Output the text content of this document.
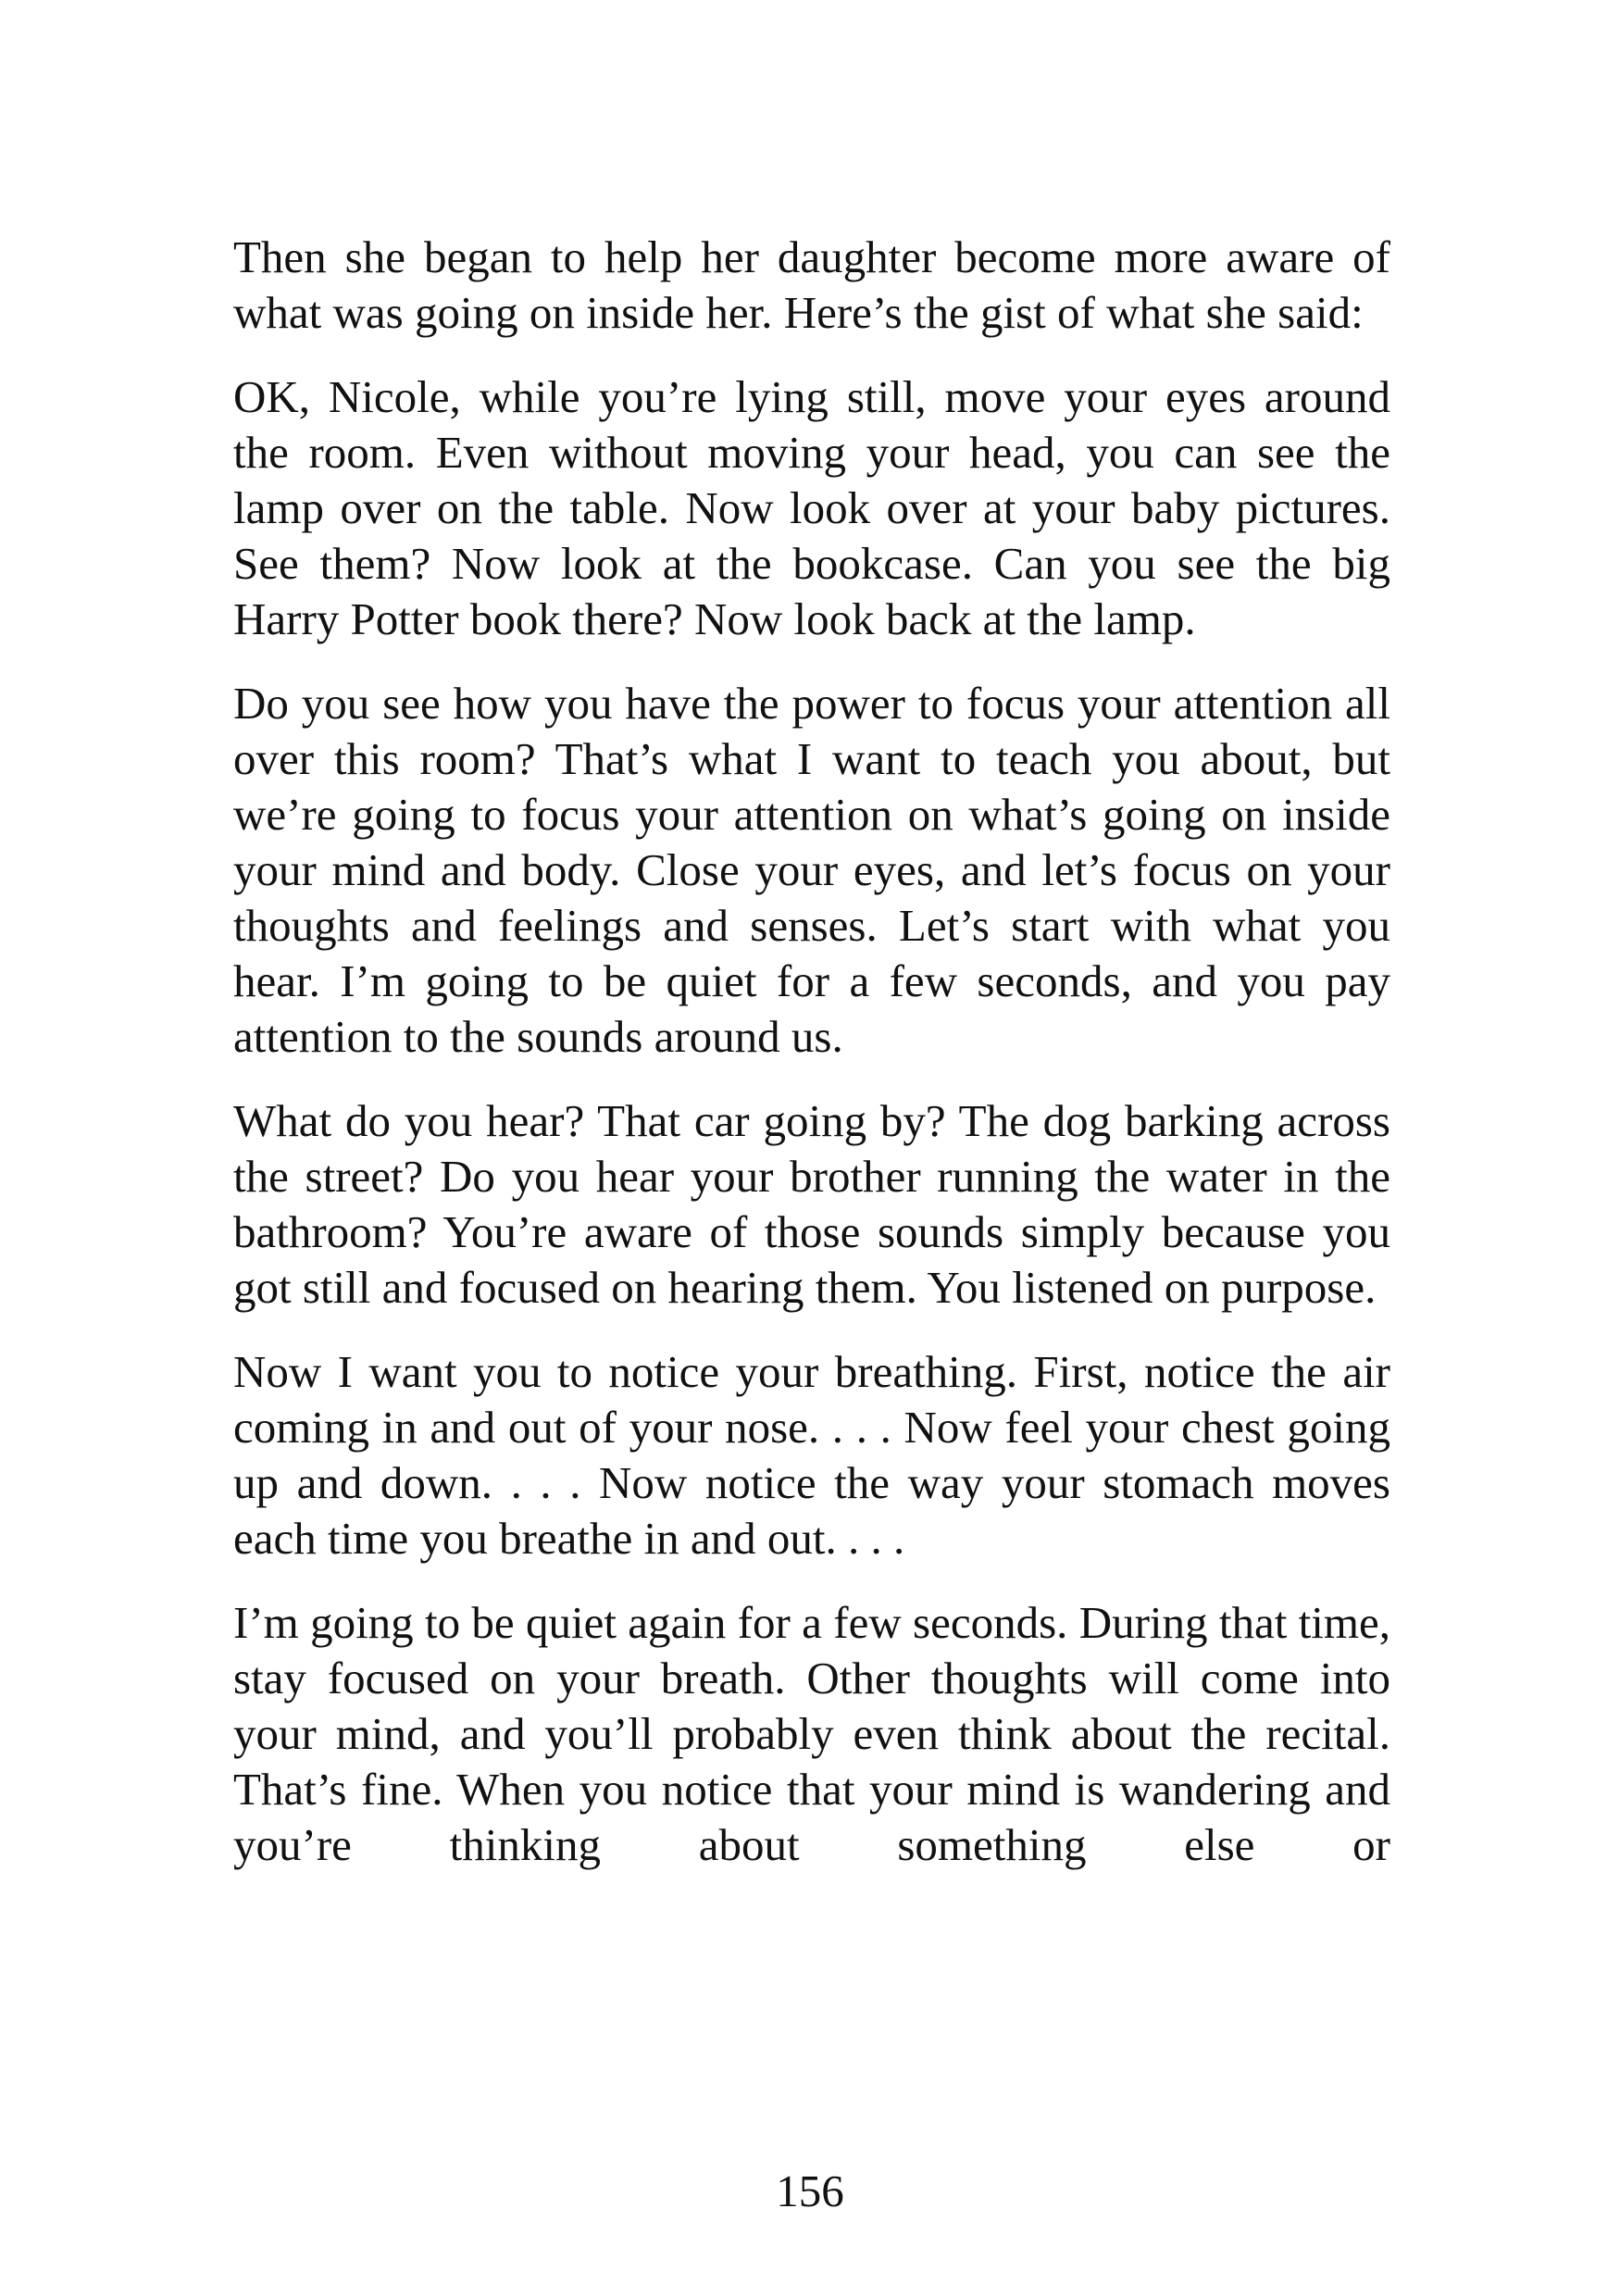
Then she began to help her daughter become more aware of what was going on inside her. Here’s the gist of what she said:

OK, Nicole, while you’re lying still, move your eyes around the room. Even without moving your head, you can see the lamp over on the table. Now look over at your baby pictures. See them? Now look at the bookcase. Can you see the big Harry Potter book there? Now look back at the lamp.

Do you see how you have the power to focus your attention all over this room? That’s what I want to teach you about, but we’re going to focus your attention on what’s going on inside your mind and body. Close your eyes, and let’s focus on your thoughts and feelings and senses. Let’s start with what you hear. I’m going to be quiet for a few seconds, and you pay attention to the sounds around us.

What do you hear? That car going by? The dog barking across the street? Do you hear your brother running the water in the bathroom? You’re aware of those sounds simply because you got still and focused on hearing them. You listened on purpose.

Now I want you to notice your breathing. First, notice the air coming in and out of your nose. . . . Now feel your chest going up and down. . . . Now notice the way your stomach moves each time you breathe in and out. . . .

I’m going to be quiet again for a few seconds. During that time, stay focused on your breath. Other thoughts will come into your mind, and you’ll probably even think about the recital. That’s fine. When you notice that your mind is wandering and you’re thinking about something else or

156
